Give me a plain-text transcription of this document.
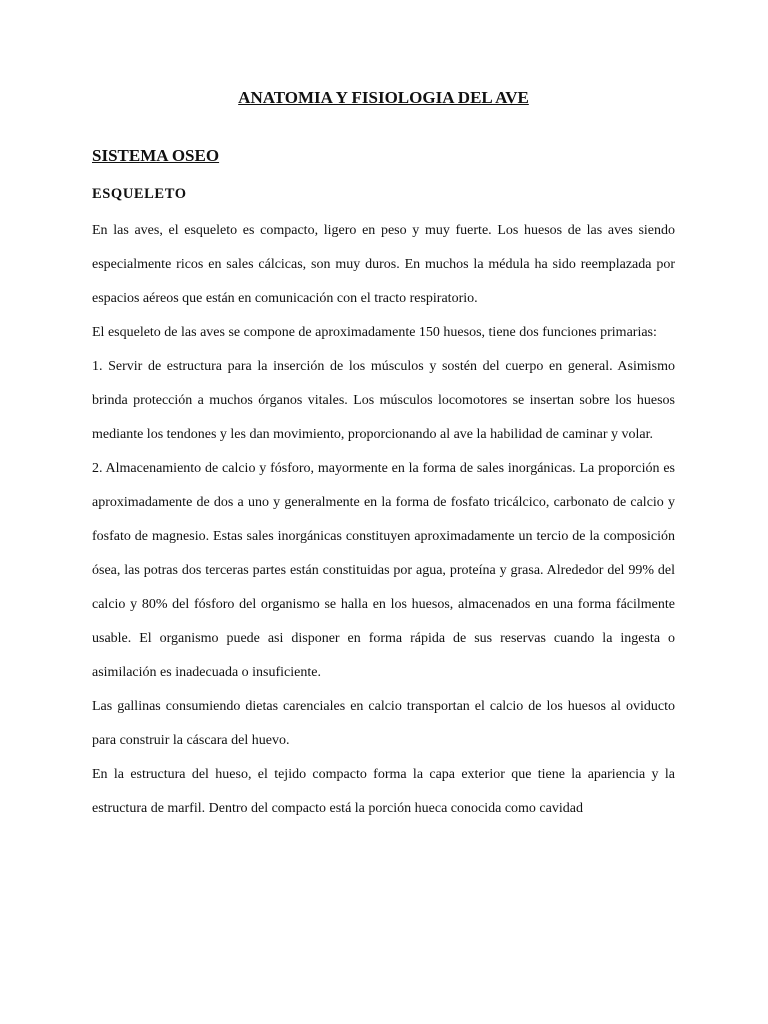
ANATOMIA Y FISIOLOGIA DEL AVE
SISTEMA OSEO
ESQUELETO

En las aves, el esqueleto es compacto, ligero en peso y muy fuerte. Los huesos de las aves siendo especialmente ricos en sales cálcicas, son muy duros. En muchos la médula ha sido reemplazada por espacios aéreos que están en comunicación con el tracto respiratorio.

El esqueleto de las aves se compone de aproximadamente 150 huesos, tiene dos funciones primarias:

1. Servir de estructura para la inserción de los músculos y sostén del cuerpo en general. Asimismo brinda protección a muchos órganos vitales. Los músculos locomotores se insertan sobre los huesos mediante los tendones y les dan movimiento, proporcionando al ave la habilidad de caminar y volar.

2. Almacenamiento de calcio y fósforo, mayormente en la forma de sales inorgánicas. La proporción es aproximadamente de dos a uno y generalmente en la forma de fosfato tricálcico, carbonato de calcio y fosfato de magnesio. Estas sales inorgánicas constituyen aproximadamente un tercio de la composición ósea, las potras dos terceras partes están constituidas por agua, proteína y grasa. Alrededor del 99% del calcio y 80% del fósforo del organismo se halla en los huesos, almacenados en una forma fácilmente usable. El organismo puede asi disponer en forma rápida de sus reservas cuando la ingesta o asimilación es inadecuada o insuficiente.

Las gallinas consumiendo dietas carenciales en calcio transportan el calcio de los huesos al oviducto para construir la cáscara del huevo.

En la estructura del hueso, el tejido compacto forma la capa exterior que tiene la apariencia y la estructura de marfil. Dentro del compacto está la porción hueca conocida como cavidad
